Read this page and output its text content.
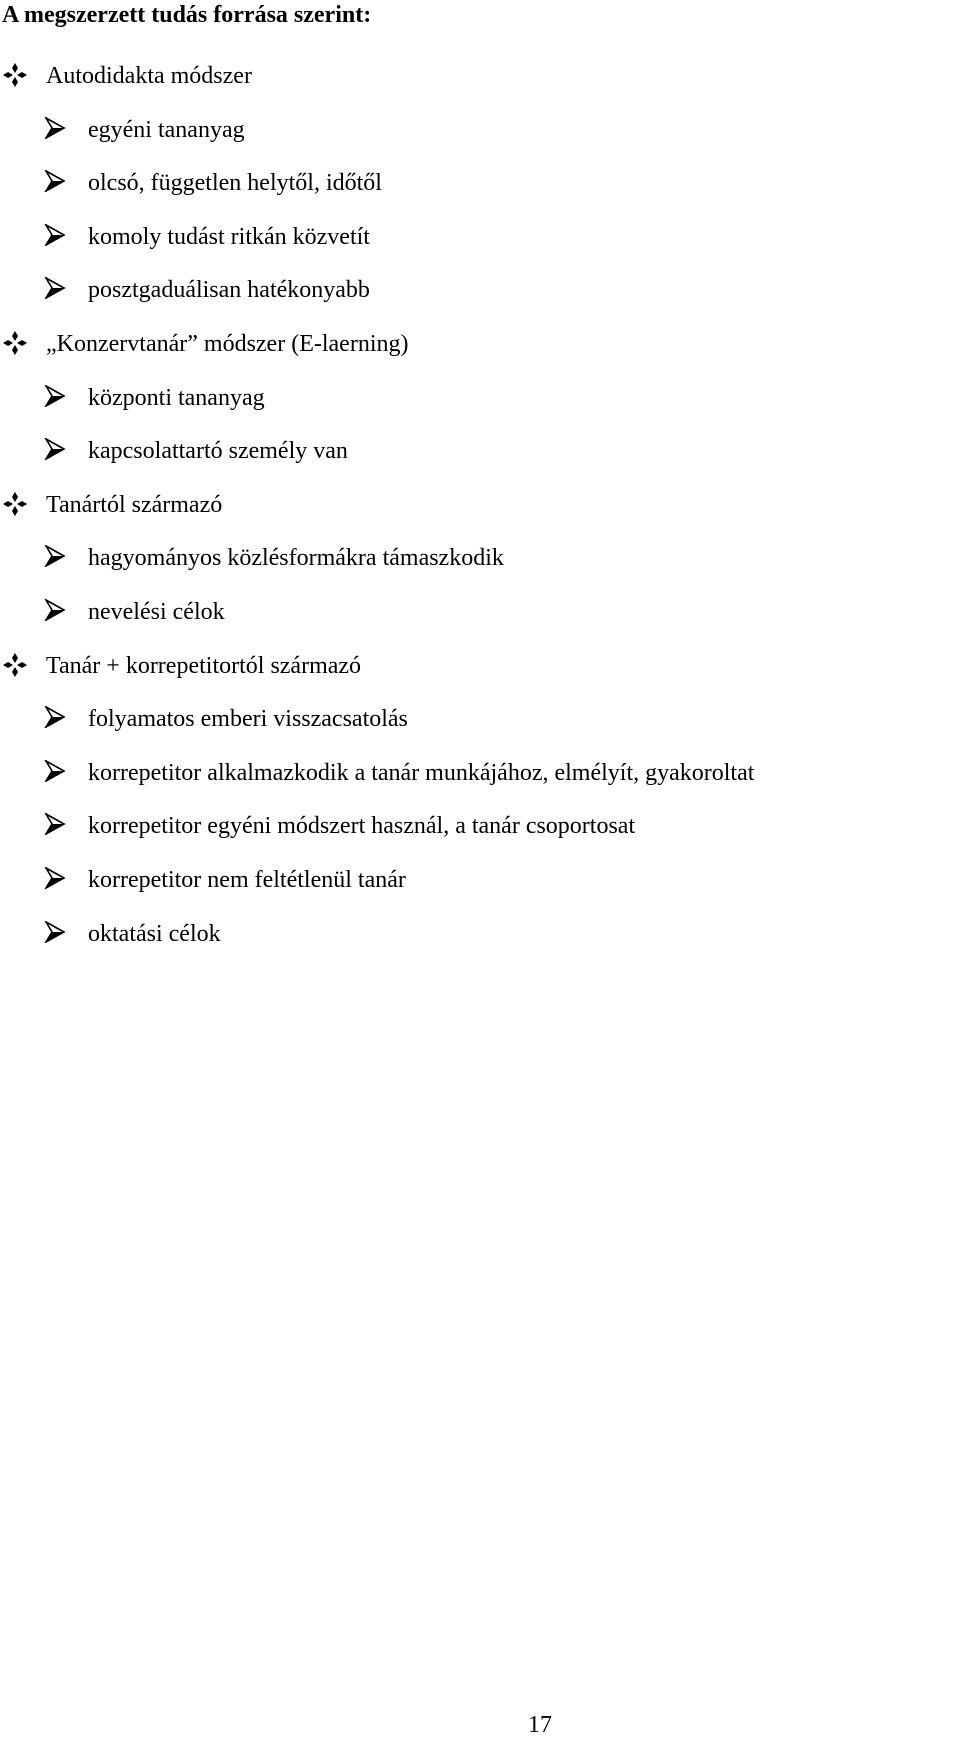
A megszerzett tudás forrása szerint:
Autodidakta módszer
egyéni tananyag
olcsó, független helytől, időtől
komoly tudást ritkán közvetít
posztgaduálisan hatékonyabb
„Konzervtanár” módszer (E-laerning)
központi tananyag
kapcsolattartó személy van
Tanártól származó
hagyományos közlésformákra támaszkodik
nevelési célok
Tanár + korrepetitortól származó
folyamatos emberi visszacsatolás
korrepetitor alkalmazkodik a tanár munkájához, elmélyít, gyakoroltat
korrepetitor egyéni módszert használ, a tanár csoportosat
korrepetitor nem feltétlenül tanár
oktatási célok
17
